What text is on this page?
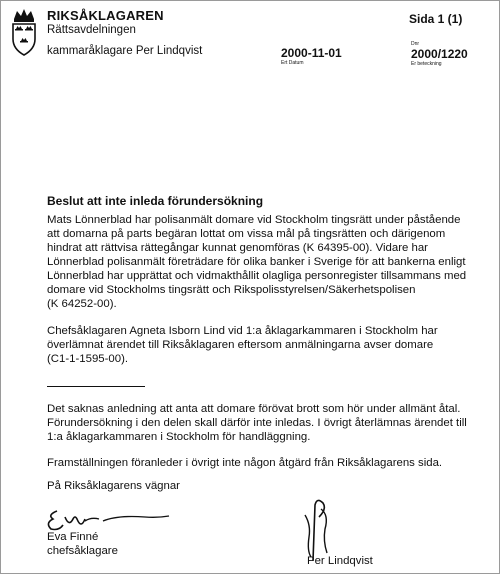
RIKSÅKLAGAREN
Rättsavdelningen
kammaråklagare Per Lindqvist
Sida 1 (1)
2000-11-01
Ert Datum
Dnr
2000/1220
Er beteckning
Beslut att inte inleda förundersökning
Mats Lönnerblad har polisanmält domare vid Stockholm tingsrätt under påstående
att domarna på parts begäran lottat om vissa mål på tingsrätten och därigenom
hindrat att rättvisa rättegångar kunnat genomföras (K 64395-00). Vidare har
Lönnerblad polisanmält företrädare för olika banker i Sverige för att bankerna enligt
Lönnerblad har upprättat och vidmakthållit olagliga personregister tillsammans med
domare vid Stockholms tingsrätt och Rikspolisstyrelsen/Säkerhetspolisen
(K 64252-00).
Chefsåklagaren Agneta Isborn Lind vid 1:a åklagarkammaren i Stockholm har
överlämnat ärendet till Riksåklagaren eftersom anmälningarna avser domare
(C1-1-1595-00).
Det saknas anledning att anta att domare förövat brott som hör under allmänt åtal.
Förundersökning i den delen skall därför inte inledas. I övrigt återlämnas ärendet till
1:a åklagarkammaren i Stockholm för handläggning.
Framställningen föranleder i övrigt inte någon åtgärd från Riksåklagarens sida.
På Riksåklagarens vägnar
Eva Finné
chefsåklagare
Per Lindqvist
